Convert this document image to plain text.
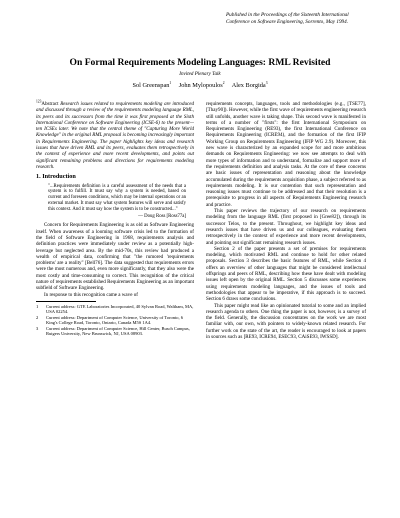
Published in the Proceedings of the Sixteenth International
Conference on Software Engineering, Sorrento, May 1994.
On Formal Requirements Modeling Languages: RML Revisited
Invited Plenary Talk
Sol Greenspan$^1$ John Mylopoulos$^2$ Alex Borgida$^3$

$^{123}$Abstract Research issues related to requirements modeling are introduced and discussed through a review of the requirements modeling language RML, its peers and its successors from the time it was first proposed at the Sixth International Conference on Software Engineering (ICSE-6) to the present—ten ICSEs later. We note that the central theme of "Capturing More World Knowledge" in the original RML proposal is becoming increasingly important in Requirements Engineering. The paper highlights key ideas and research issues that have driven RML and its peers, evaluates them retrospectively in the context of experience and more recent developments, and points out significant remaining problems and directions for requirements modeling research.

1. Introduction

"...Requirements definition is a careful assessment of the needs that a system is to fulfill. It must say why a system is needed, based on current and foreseen conditions, which may be internal operations or an external market. It must say what system features will serve and satisfy this context. And it must say how the system is to be constructed..."

— Doug Ross [Ross77a]

Concern for Requirements Engineering is as old as Software Engineering itself. When awareness of a looming software crisis led to the formation of the field of Software Engineering in 1968, requirements analysis and definition practices were immediately under review as a potentially high-leverage but neglected area. By the mid-70s, this review had produced a wealth of empirical data, confirming that "the rumored 'requirements problems' are a reality" [Bell76]. The data suggested that requirements errors were the most numerous and, even more significantly, that they also were the most costly and time-consuming to correct. This recognition of the critical nature of requirements established Requirements Engineering as an important subfield of Software Engineering.

In response to this recognition came a wave of

1	Current address: GTE Laboratories Incorporated, 40 Sylvan Road, Waltham, MA, USA 02254.
2	Current address: Department of Computer Science, University of Toronto, 6 King's College Road, Toronto, Ontario, Canada M5S 1A4.
3	Current address: Department of Computer Science, Hill Center, Busch Campus, Rutgers University, New Brunswick, NJ, USA 08903.

requirements concepts, languages, tools and methodologies (e.g., [TSE77], [Thay90]). However, while the first wave of requirements engineering research still unfolds, another wave is taking shape. This second wave is manifested in terms of a number of "firsts": the first International Symposium on Requirements Engineering (RE93), the first International Conference on Requirements Engineering (ICRE94), and the formation of the first IFIP Working Group on Requirements Engineering (IFIP WG 2.9). Moreover, this new wave is characterized by an expanded scope for and more ambitious demands on Requirements Engineering: we now see attempts to deal with more types of information and to understand, formalize and support more of the requirements definition and analysis tasks. At the core of these concerns are basic issues of representation and reasoning about the knowledge accumulated during the requirements acquisition phase, a subject referred to as requirements modeling. It is our contention that such representation and reasoning issues must continue to be addressed and that their resolution is a prerequisite to progress in all aspects of Requirements Engineering research and practice.

This paper reviews the trajectory of our research on requirements modeling from the language RML (first proposed in [Gree82]), through its successor Telos, to the present. Throughout, we highlight key ideas and research issues that have driven us and our colleagues, evaluating them retrospectively in the context of experience and more recent developments, and pointing out significant remaining research issues.

Section 2 of the paper presents a set of premises for requirements modeling, which motivated RML and continue to hold for other related proposals. Section 3 describes the basic features of RML, while Section 4 offers an overview of other languages that might be considered intellectual offsprings and peers of RML, describing how these have dealt with modeling issues left open by the original RML. Section 5 discusses some experiences using requirements modeling languages, and the issues of tools and methodologies that appear to be imperative, if this approach is to succeed. Section 6 draws some conclusions.

This paper might read like an opinionated tutorial to some and an implied research agenda to others. One thing the paper is not, however, is a survey of the field. Generally, the discussion concentrates on the work we are most familiar with, our own, with pointers to widely-known related research. For further work on the state of the art, the reader is encouraged to look at papers in sources such as [RE93, ICRE94, ESEC93, CAiSE93, IWSSD].
